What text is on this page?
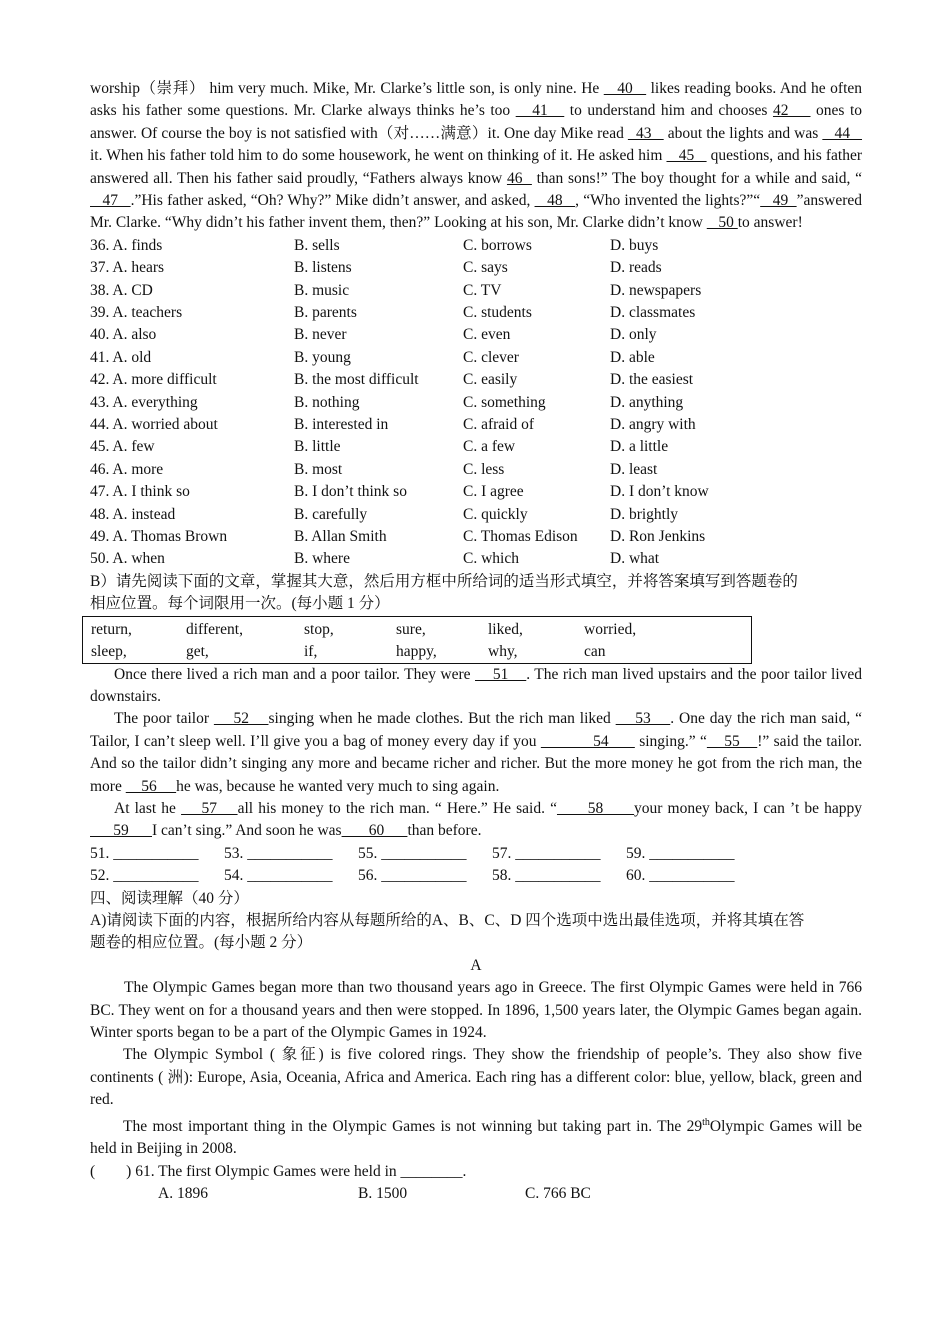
worship（崇拜） him very much. Mike, Mr. Clarke’s little son, is only nine. He    40    likes reading books. And he often asks his father some questions. Mr. Clarke always thinks he’s too    41    to understand him and chooses 42     ones to answer. Of course the boy is not satisfied with（对……满意）it. One day Mike read   43    about the lights and was    44    it. When his father told him to do some housework, he went on thinking of it. He asked him    45    questions, and his father answered all. Then his father said proudly, “Fathers always know 46   than sons!” The boy thought for a while and said, “   47   .”His father asked, “Oh? Why?” Mike didn’t answer, and asked,    48   , “Who invented the lights?”“   49  ”answered Mr. Clarke. “Why didn’t his father invent them, then?” Looking at his son, Mr. Clarke didn’t know    50 to answer!

36. A. finds	B. sells	C. borrows	D. buys
37. A. hears	B. listens	C. says	D. reads
38. A. CD	B. music	C. TV	D. newspapers
39. A. teachers	B. parents	C. students	D. classmates
40. A. also	B. never	C. even	D. only
41. A. old	B. young	C. clever	D. able
42. A. more difficult	B. the most difficult	C. easily	D. the easiest
43. A. everything	B. nothing	C. something	D. anything
44. A. worried about	B. interested in	C. afraid of	D. angry with
45. A. few	B. little	C. a few	D. a little
46. A. more	B. most	C. less	D. least
47. A. I think so	B. I don’t think so	C. I agree	D. I don’t know
48. A. instead	B. carefully	C. quickly	D. brightly
49. A. Thomas Brown	B. Allan Smith	C. Thomas Edison	D. Ron Jenkins
50. A. when	B. where	C. which	D. what
B）请先阅读下面的文章，掌握其大意，然后用方框中所给词的适当形式填空，并将答案填写到答题卷的
相应位置。每个词限用一次。(每小题 1 分）
return,	different,	stop,	sure,	liked,	worried,
sleep,	get,	if,	happy,	why,	can

Once there lived a rich man and a poor tailor. They were     51    . The rich man lived upstairs and the poor tailor lived downstairs.

The poor tailor     52    singing when he made clothes. But the rich man liked     53    . One day the rich man said, “ Tailor, I can’t sleep well. I’ll give you a bag of money every day if you             54       singing.” “    55    !” said the tailor. And so the tailor didn’t singing any more and became richer and richer. But the more money he got from the rich man, the more     56     he was, because he wanted very much to sing again.

At last he     57    all his money to the rich man. “ Here.” He said. “      58      your money back, I can ’t be happy      59      I can’t sing.” And soon he was       60      than before.

51. ___________	53. ___________	55. ___________	57. ___________	59. ___________
52. ___________	54. ___________	56. ___________	58. ___________	60. ___________
四、阅读理解（40 分）
A)请阅读下面的内容，根据所给内容从每题所给的A、B、C、D 四个选项中选出最佳选项，并将其填在答
题卷的相应位置。(每小题 2 分）
A

The Olympic Games began more than two thousand years ago in Greece. The first Olympic Games were held in 766 BC. They went on for a thousand years and then were stopped. In 1896, 1,500 years later, the Olympic Games began again. Winter sports began to be a part of the Olympic Games in 1924.

The Olympic Symbol ( 象征) is five colored rings. They show the friendship of people’s. They also show five continents ( 洲): Europe, Asia, Oceania, Africa and America. Each ring has a different color: blue, yellow, black, green and red.

The most important thing in the Olympic Games is not winning but taking part in. The 29thOlympic Games will be held in Beijing in 2008.

(        ) 61. The first Olympic Games were held in ________.
A. 1896	B. 1500	C. 766 BC
